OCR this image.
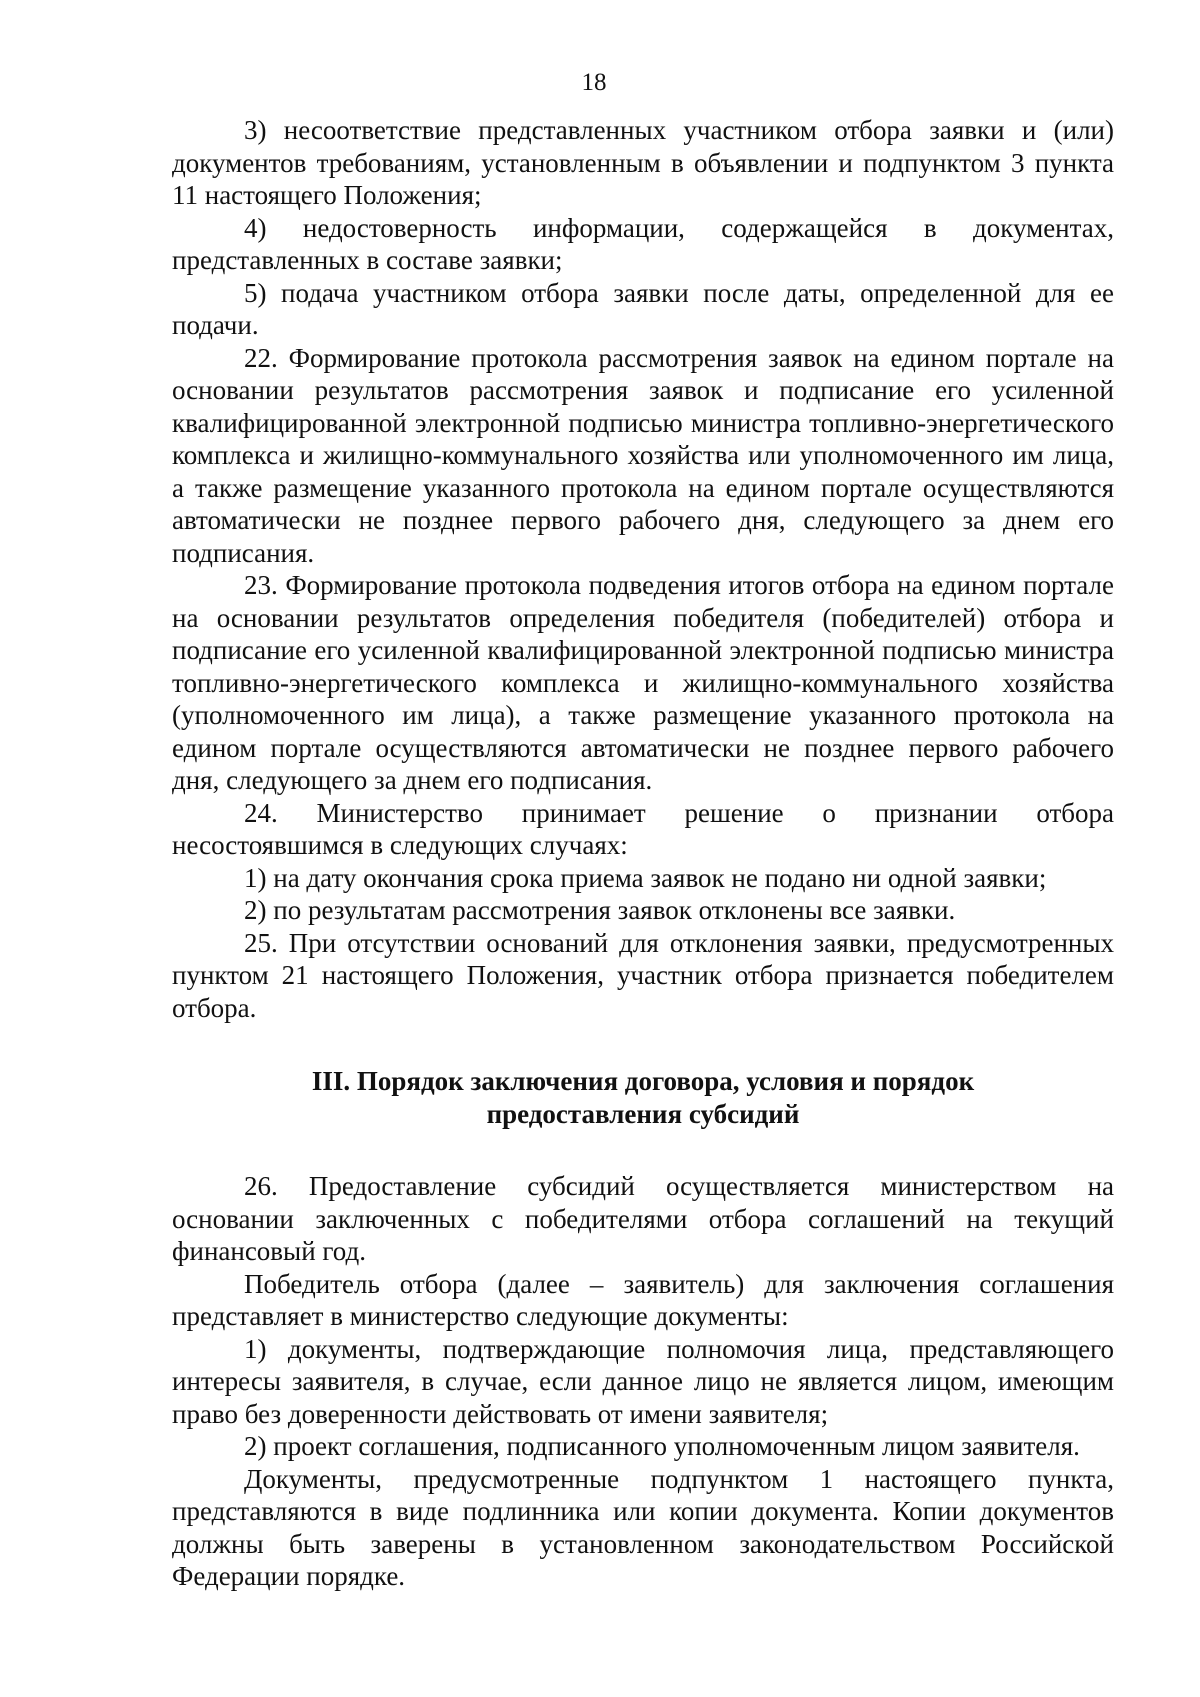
18

3) несоответствие представленных участником отбора заявки и (или) документов требованиям, установленным в объявлении и подпунктом 3 пункта 11 настоящего Положения;

4) недостоверность информации, содержащейся в документах, представленных в составе заявки;

5) подача участником отбора заявки после даты, определенной для ее подачи.

22. Формирование протокола рассмотрения заявок на едином портале на основании результатов рассмотрения заявок и подписание его усиленной квалифицированной электронной подписью министра топливно-энергетического комплекса и жилищно-коммунального хозяйства или уполномоченного им лица, а также размещение указанного протокола на едином портале осуществляются автоматически не позднее первого рабочего дня, следующего за днем его подписания.

23. Формирование протокола подведения итогов отбора на едином портале на основании результатов определения победителя (победителей) отбора и подписание его усиленной квалифицированной электронной подписью министра топливно-энергетического комплекса и жилищно-коммунального хозяйства (уполномоченного им лица), а также размещение указанного протокола на едином портале осуществляются автоматически не позднее первого рабочего дня, следующего за днем его подписания.

24. Министерство принимает решение о признании отбора несостоявшимся в следующих случаях:

1) на дату окончания срока приема заявок не подано ни одной заявки;

2) по результатам рассмотрения заявок отклонены все заявки.

25. При отсутствии оснований для отклонения заявки, предусмотренных пунктом 21 настоящего Положения, участник отбора признается победителем отбора.

III. Порядок заключения договора, условия и порядок
предоставления субсидий

26. Предоставление субсидий осуществляется министерством на основании заключенных с победителями отбора соглашений на текущий финансовый год.

Победитель отбора (далее – заявитель) для заключения соглашения представляет в министерство следующие документы:

1) документы, подтверждающие полномочия лица, представляющего интересы заявителя, в случае, если данное лицо не является лицом, имеющим право без доверенности действовать от имени заявителя;

2) проект соглашения, подписанного уполномоченным лицом заявителя.

Документы, предусмотренные подпунктом 1 настоящего пункта, представляются в виде подлинника или копии документа. Копии документов должны быть заверены в установленном законодательством Российской Федерации порядке.
